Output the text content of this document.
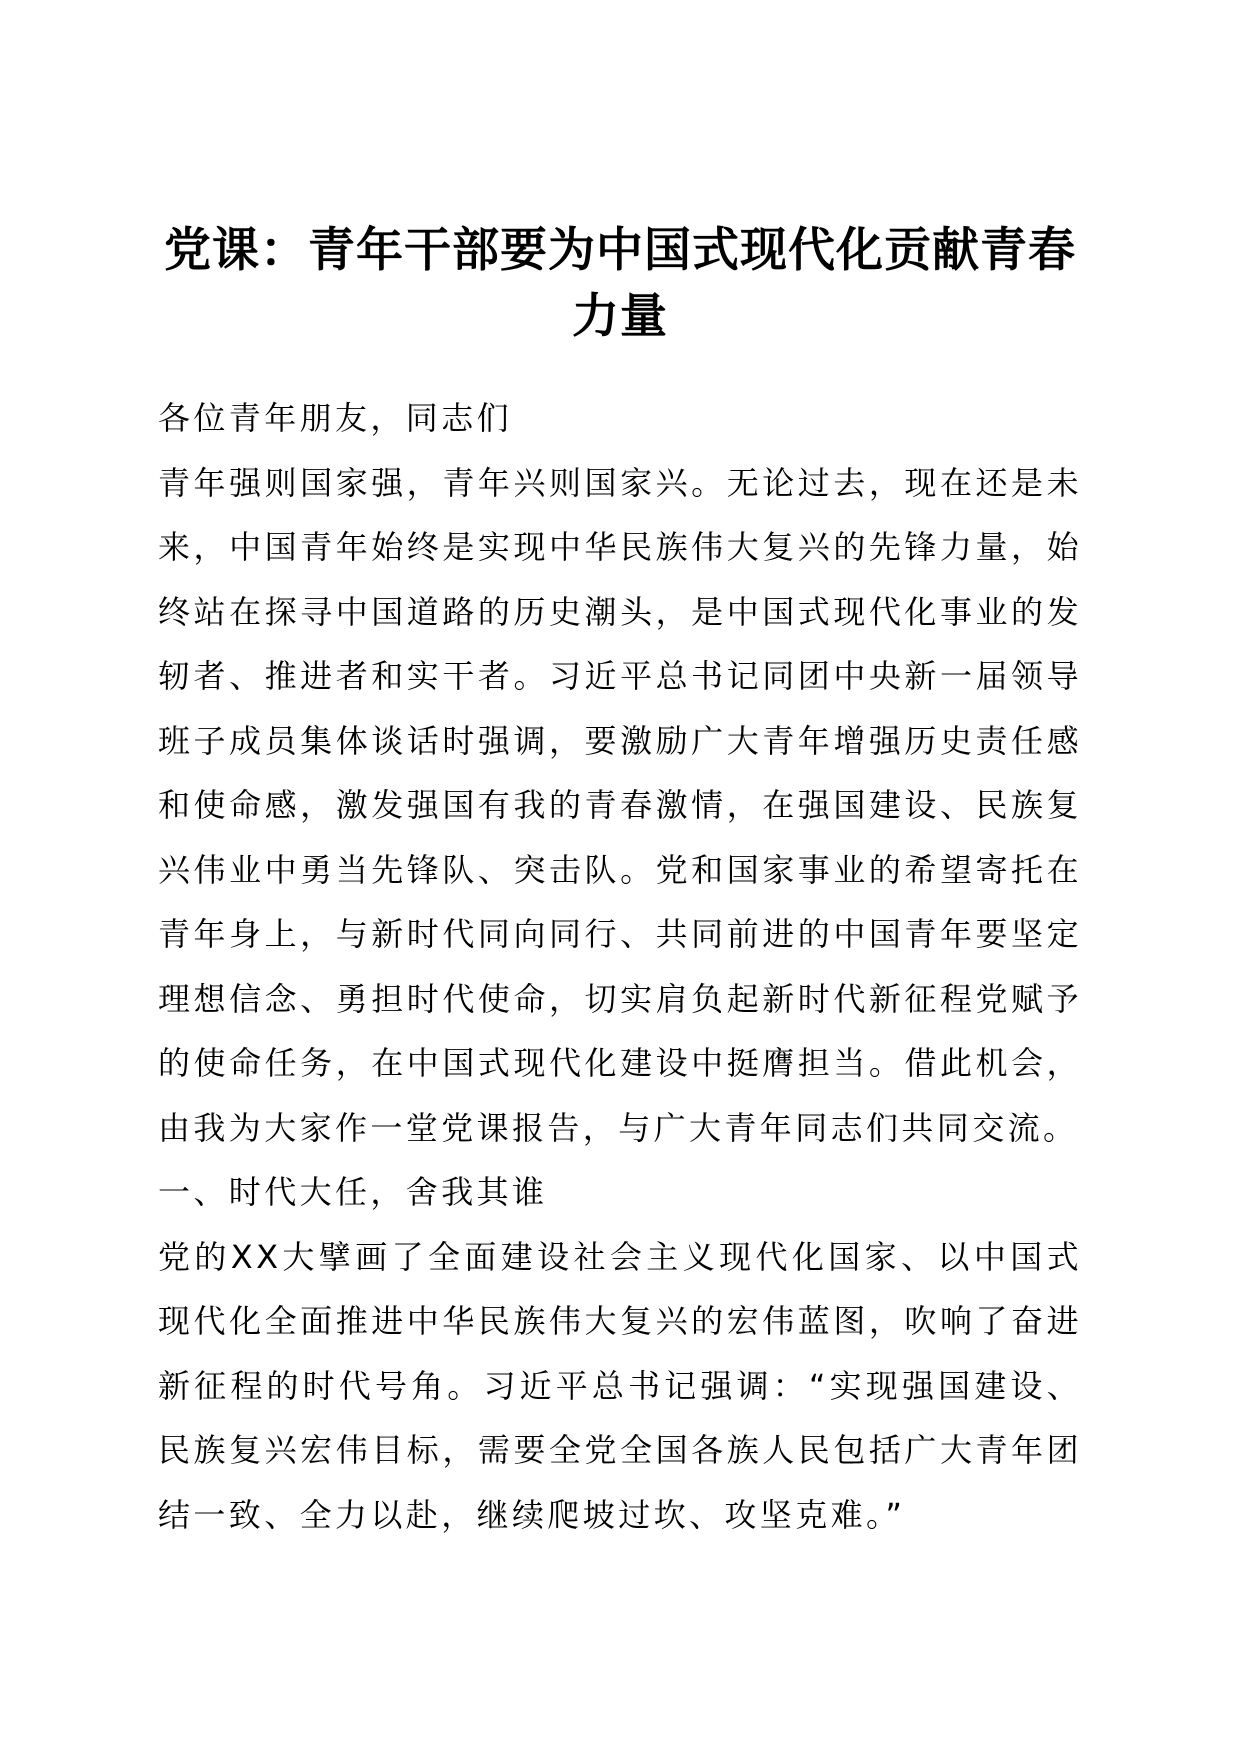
党课：青年干部要为中国式现代化贡献青春力量

各位青年朋友，同志们

青年强则国家强，青年兴则国家兴。无论过去，现在还是未来，中国青年始终是实现中华民族伟大复兴的先锋力量，始终站在探寻中国道路的历史潮头，是中国式现代化事业的发轫者、推进者和实干者。习近平总书记同团中央新一届领导班子成员集体谈话时强调，要激励广大青年增强历史责任感和使命感，激发强国有我的青春激情，在强国建设、民族复兴伟业中勇当先锋队、突击队。党和国家事业的希望寄托在青年身上，与新时代同向同行、共同前进的中国青年要坚定理想信念、勇担时代使命，切实肩负起新时代新征程党赋予的使命任务，在中国式现代化建设中挺膺担当。借此机会，由我为大家作一堂党课报告，与广大青年同志们共同交流。

一、时代大任，舍我其谁

党的XX大擘画了全面建设社会主义现代化国家、以中国式现代化全面推进中华民族伟大复兴的宏伟蓝图，吹响了奋进新征程的时代号角。习近平总书记强调：“实现强国建设、民族复兴宏伟目标，需要全党全国各族人民包括广大青年团结一致、全力以赴，继续爬坡过坎、攻坚克难。”
